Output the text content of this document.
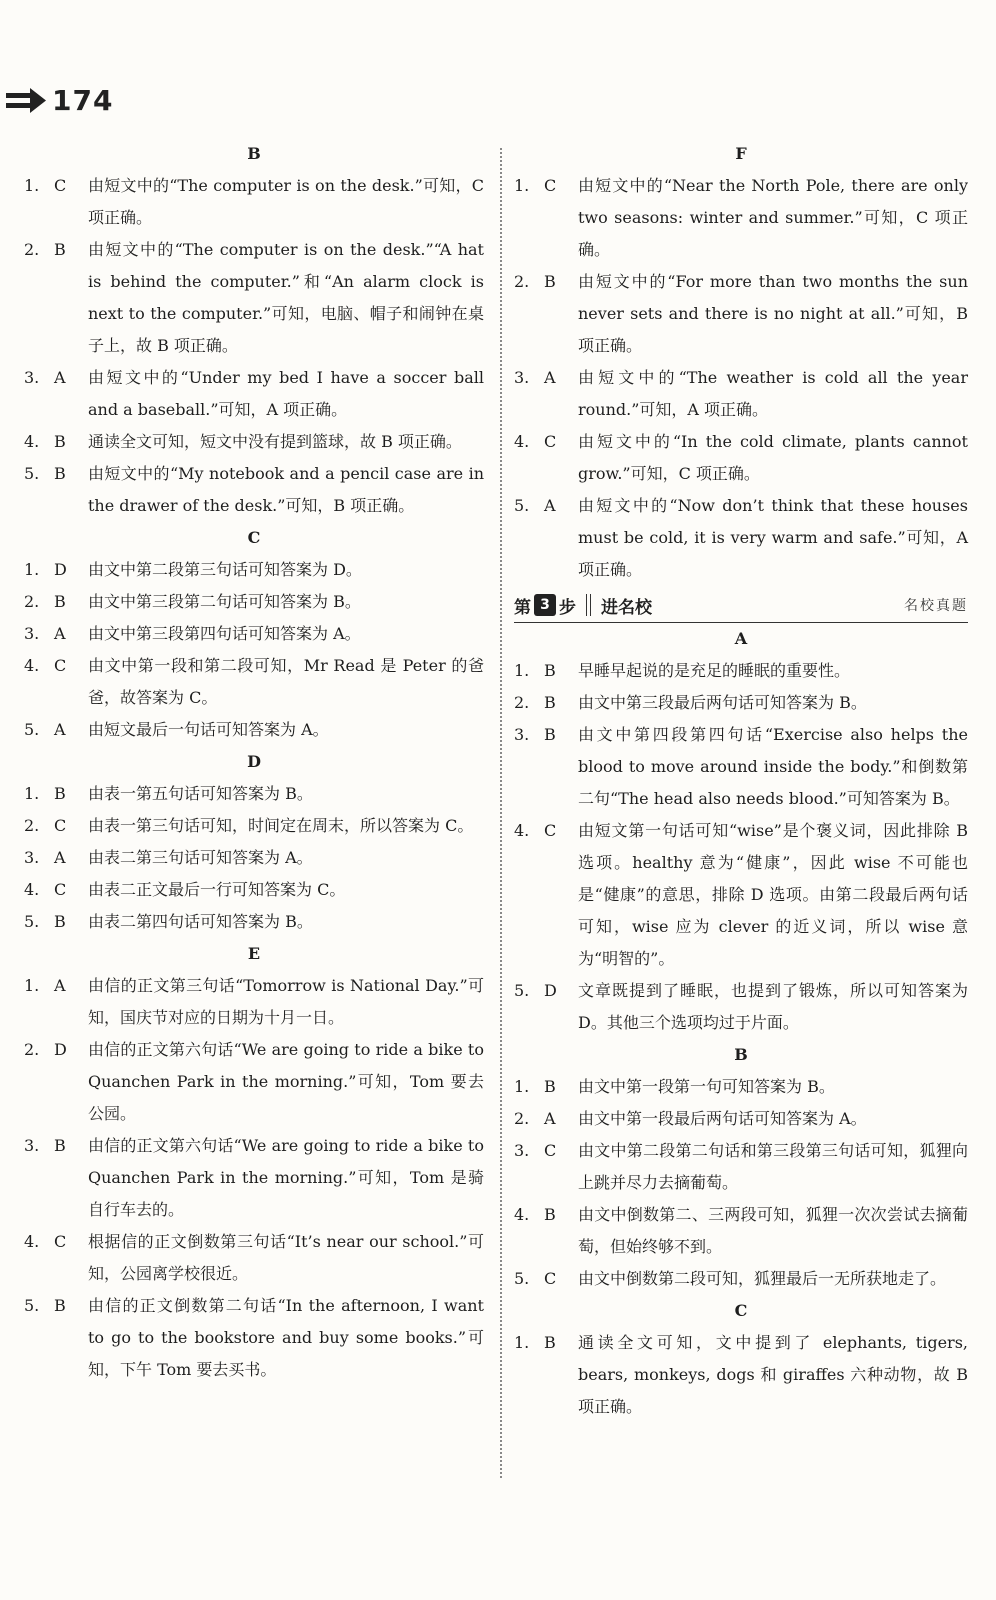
174
B
1. C	由短文中的“The computer is on the desk.”可知，C 项正确。
2. B	由短文中的“The computer is on the desk.”“A hat is behind the computer.”和“An alarm clock is next to the computer.”可知，电脑、帽子和闹钟在桌子上，故 B 项正确。
3. A	由短文中的“Under my bed I have a soccer ball and a baseball.”可知，A 项正确。
4. B	通读全文可知，短文中没有提到篮球，故 B 项正确。
5. B	由短文中的“My notebook and a pencil case are in the drawer of the desk.”可知，B 项正确。
C
1. D	由文中第二段第三句话可知答案为 D。
2. B	由文中第三段第二句话可知答案为 B。
3. A	由文中第三段第四句话可知答案为 A。
4. C	由文中第一段和第二段可知，Mr Read 是 Peter 的爸爸，故答案为 C。
5. A	由短文最后一句话可知答案为 A。
D
1. B	由表一第五句话可知答案为 B。
2. C	由表一第三句话可知，时间定在周末，所以答案为 C。
3. A	由表二第三句话可知答案为 A。
4. C	由表二正文最后一行可知答案为 C。
5. B	由表二第四句话可知答案为 B。
E
1. A	由信的正文第三句话“Tomorrow is National Day.”可知，国庆节对应的日期为十月一日。
2. D	由信的正文第六句话“We are going to ride a bike to Quanchen Park in the morning.”可知，Tom 要去公园。
3. B	由信的正文第六句话“We are going to ride a bike to Quanchen Park in the morning.”可知，Tom 是骑自行车去的。
4. C	根据信的正文倒数第三句话“It’s near our school.”可知，公园离学校很近。
5. B	由信的正文倒数第二句话“In the afternoon, I want to go to the bookstore and buy some books.”可知，下午 Tom 要去买书。
F
1. C	由短文中的“Near the North Pole, there are only two seasons: winter and summer.”可知，C 项正确。
2. B	由短文中的“For more than two months the sun never sets and there is no night at all.”可知，B 项正确。
3. A	由短文中的“The weather is cold all the year round.”可知，A 项正确。
4. C	由短文中的“In the cold climate, plants cannot grow.”可知，C 项正确。
5. A	由短文中的“Now don’t think that these houses must be cold, it is very warm and safe.”可知，A 项正确。
第 3 步 进名校	名校真题
A
1. B	早睡早起说的是充足的睡眠的重要性。
2. B	由文中第三段最后两句话可知答案为 B。
3. B	由文中第四段第四句话“Exercise also helps the blood to move around inside the body.”和倒数第二句“The head also needs blood.”可知答案为 B。
4. C	由短文第一句话可知“wise”是个褒义词，因此排除 B 选项。healthy 意为“健康”，因此 wise 不可能也是“健康”的意思，排除 D 选项。由第二段最后两句话可知，wise 应为 clever 的近义词，所以 wise 意为“明智的”。
5. D	文章既提到了睡眠，也提到了锻炼，所以可知答案为 D。其他三个选项均过于片面。
B
1. B	由文中第一段第一句可知答案为 B。
2. A	由文中第一段最后两句话可知答案为 A。
3. C	由文中第二段第二句话和第三段第三句话可知，狐狸向上跳并尽力去摘葡萄。
4. B	由文中倒数第二、三两段可知，狐狸一次次尝试去摘葡萄，但始终够不到。
5. C	由文中倒数第二段可知，狐狸最后一无所获地走了。
C
1. B	通读全文可知，文中提到了 elephants, tigers, bears, monkeys, dogs 和 giraffes 六种动物，故 B 项正确。
